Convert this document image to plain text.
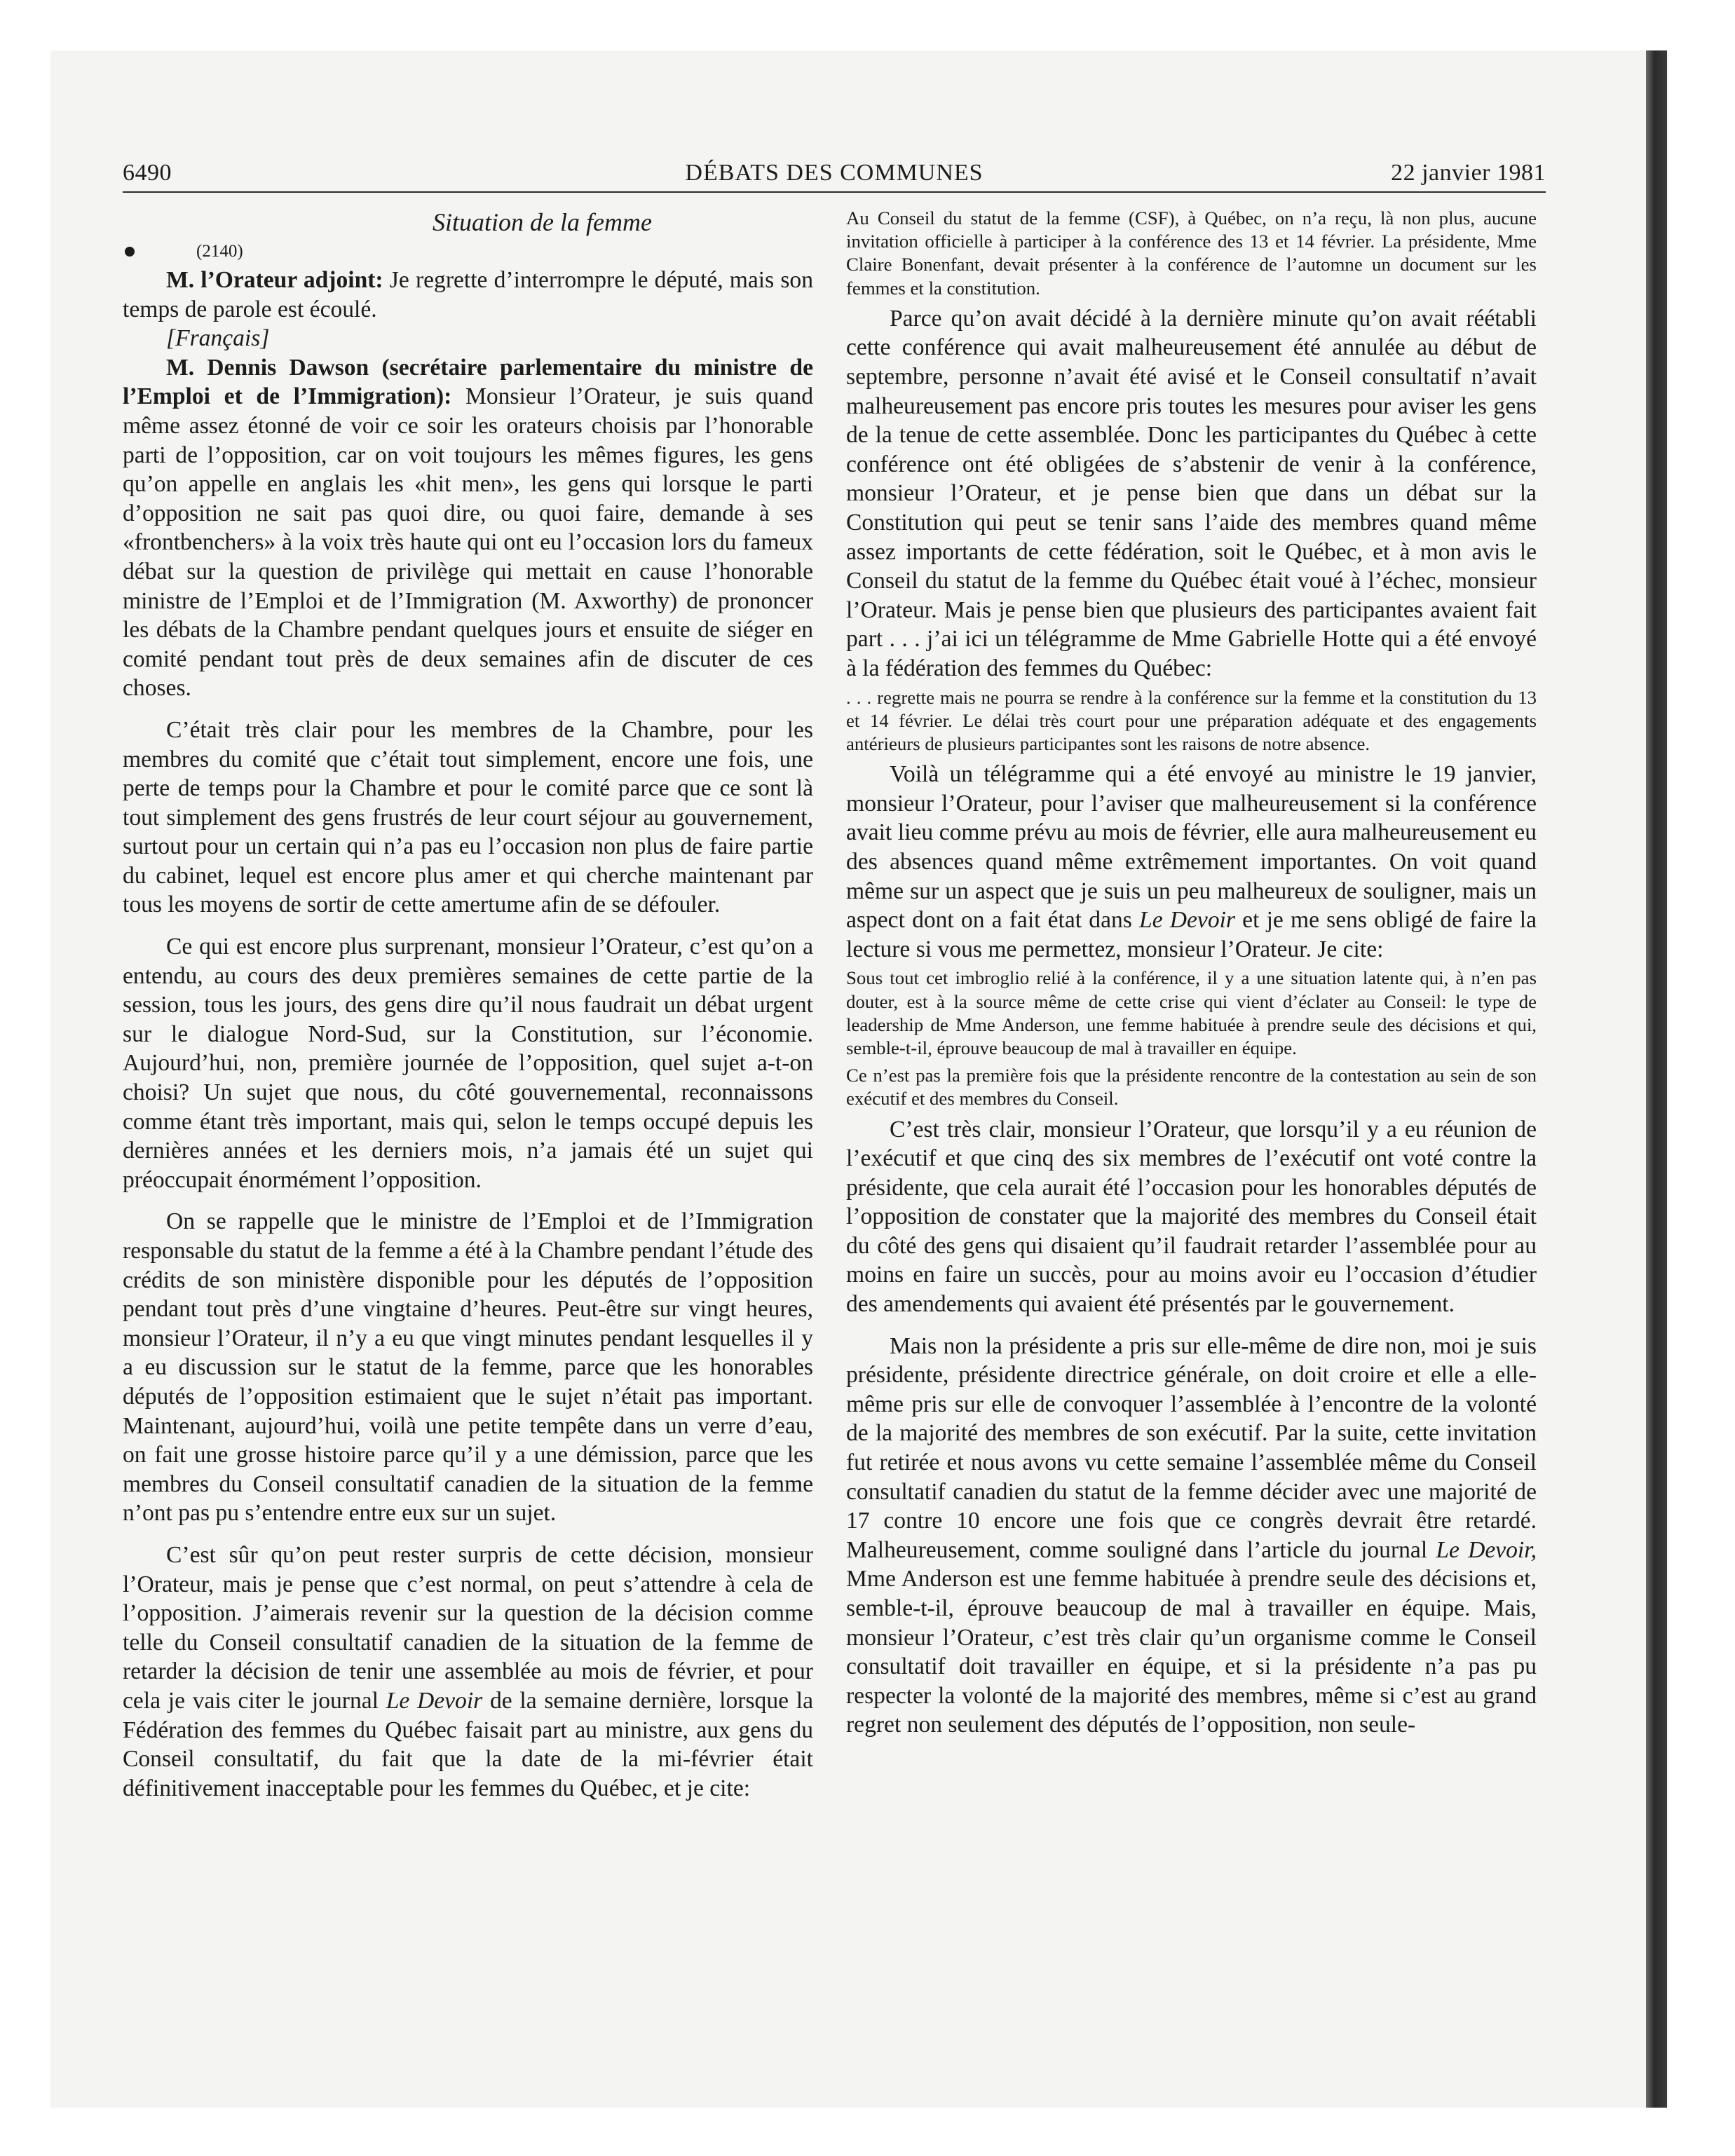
6490	DÉBATS DES COMMUNES	22 janvier 1981

Situation de la femme

(2140)

M. l’Orateur adjoint: Je regrette d’interrompre le député, mais son temps de parole est écoulé.

[Français]

M. Dennis Dawson (secrétaire parlementaire du ministre de l’Emploi et de l’Immigration): Monsieur l’Orateur, je suis quand même assez étonné de voir ce soir les orateurs choisis par l’honorable parti de l’opposition, car on voit toujours les mêmes figures, les gens qu’on appelle en anglais les «hit men», les gens qui lorsque le parti d’opposition ne sait pas quoi dire, ou quoi faire, demande à ses «frontbenchers» à la voix très haute qui ont eu l’occasion lors du fameux débat sur la question de privilège qui mettait en cause l’honorable ministre de l’Emploi et de l’Immigration (M. Axworthy) de prononcer les débats de la Chambre pendant quelques jours et ensuite de siéger en comité pendant tout près de deux semaines afin de discuter de ces choses.

C’était très clair pour les membres de la Chambre, pour les membres du comité que c’était tout simplement, encore une fois, une perte de temps pour la Chambre et pour le comité parce que ce sont là tout simplement des gens frustrés de leur court séjour au gouvernement, surtout pour un certain qui n’a pas eu l’occasion non plus de faire partie du cabinet, lequel est encore plus amer et qui cherche maintenant par tous les moyens de sortir de cette amertume afin de se défouler.

Ce qui est encore plus surprenant, monsieur l’Orateur, c’est qu’on a entendu, au cours des deux premières semaines de cette partie de la session, tous les jours, des gens dire qu’il nous faudrait un débat urgent sur le dialogue Nord-Sud, sur la Constitution, sur l’économie. Aujourd’hui, non, première journée de l’opposition, quel sujet a-t-on choisi? Un sujet que nous, du côté gouvernemental, reconnaissons comme étant très important, mais qui, selon le temps occupé depuis les dernières années et les derniers mois, n’a jamais été un sujet qui préoccupait énormément l’opposition.

On se rappelle que le ministre de l’Emploi et de l’Immigration responsable du statut de la femme a été à la Chambre pendant l’étude des crédits de son ministère disponible pour les députés de l’opposition pendant tout près d’une vingtaine d’heures. Peut-être sur vingt heures, monsieur l’Orateur, il n’y a eu que vingt minutes pendant lesquelles il y a eu discussion sur le statut de la femme, parce que les honorables députés de l’opposition estimaient que le sujet n’était pas important. Maintenant, aujourd’hui, voilà une petite tempête dans un verre d’eau, on fait une grosse histoire parce qu’il y a une démission, parce que les membres du Conseil consultatif canadien de la situation de la femme n’ont pas pu s’entendre entre eux sur un sujet.

C’est sûr qu’on peut rester surpris de cette décision, monsieur l’Orateur, mais je pense que c’est normal, on peut s’attendre à cela de l’opposition. J’aimerais revenir sur la question de la décision comme telle du Conseil consultatif canadien de la situation de la femme de retarder la décision de tenir une assemblée au mois de février, et pour cela je vais citer le journal Le Devoir de la semaine dernière, lorsque la Fédération des femmes du Québec faisait part au ministre, aux gens du Conseil consultatif, du fait que la date de la mi-février était définitivement inacceptable pour les femmes du Québec, et je cite:

Au Conseil du statut de la femme (CSF), à Québec, on n’a reçu, là non plus, aucune invitation officielle à participer à la conférence des 13 et 14 février. La présidente, Mme Claire Bonenfant, devait présenter à la conférence de l’automne un document sur les femmes et la constitution.

Parce qu’on avait décidé à la dernière minute qu’on avait réétabli cette conférence qui avait malheureusement été annulée au début de septembre, personne n’avait été avisé et le Conseil consultatif n’avait malheureusement pas encore pris toutes les mesures pour aviser les gens de la tenue de cette assemblée. Donc les participantes du Québec à cette conférence ont été obligées de s’abstenir de venir à la conférence, monsieur l’Orateur, et je pense bien que dans un débat sur la Constitution qui peut se tenir sans l’aide des membres quand même assez importants de cette fédération, soit le Québec, et à mon avis le Conseil du statut de la femme du Québec était voué à l’échec, monsieur l’Orateur. Mais je pense bien que plusieurs des participantes avaient fait part . . . j’ai ici un télégramme de Mme Gabrielle Hotte qui a été envoyé à la fédération des femmes du Québec:

. . . regrette mais ne pourra se rendre à la conférence sur la femme et la constitution du 13 et 14 février. Le délai très court pour une préparation adéquate et des engagements antérieurs de plusieurs participantes sont les raisons de notre absence.

Voilà un télégramme qui a été envoyé au ministre le 19 janvier, monsieur l’Orateur, pour l’aviser que malheureusement si la conférence avait lieu comme prévu au mois de février, elle aura malheureusement eu des absences quand même extrêmement importantes. On voit quand même sur un aspect que je suis un peu malheureux de souligner, mais un aspect dont on a fait état dans Le Devoir et je me sens obligé de faire la lecture si vous me permettez, monsieur l’Orateur. Je cite:

Sous tout cet imbroglio relié à la conférence, il y a une situation latente qui, à n’en pas douter, est à la source même de cette crise qui vient d’éclater au Conseil: le type de leadership de Mme Anderson, une femme habituée à prendre seule des décisions et qui, semble-t-il, éprouve beaucoup de mal à travailler en équipe.

Ce n’est pas la première fois que la présidente rencontre de la contestation au sein de son exécutif et des membres du Conseil.

C’est très clair, monsieur l’Orateur, que lorsqu’il y a eu réunion de l’exécutif et que cinq des six membres de l’exécutif ont voté contre la présidente, que cela aurait été l’occasion pour les honorables députés de l’opposition de constater que la majorité des membres du Conseil était du côté des gens qui disaient qu’il faudrait retarder l’assemblée pour au moins en faire un succès, pour au moins avoir eu l’occasion d’étudier des amendements qui avaient été présentés par le gouvernement.

Mais non la présidente a pris sur elle-même de dire non, moi je suis présidente, présidente directrice générale, on doit croire et elle a elle-même pris sur elle de convoquer l’assemblée à l’encontre de la volonté de la majorité des membres de son exécutif. Par la suite, cette invitation fut retirée et nous avons vu cette semaine l’assemblée même du Conseil consultatif canadien du statut de la femme décider avec une majorité de 17 contre 10 encore une fois que ce congrès devrait être retardé. Malheureusement, comme souligné dans l’article du journal Le Devoir, Mme Anderson est une femme habituée à prendre seule des décisions et, semble-t-il, éprouve beaucoup de mal à travailler en équipe. Mais, monsieur l’Orateur, c’est très clair qu’un organisme comme le Conseil consultatif doit travailler en équipe, et si la présidente n’a pas pu respecter la volonté de la majorité des membres, même si c’est au grand regret non seulement des députés de l’opposition, non seule-
